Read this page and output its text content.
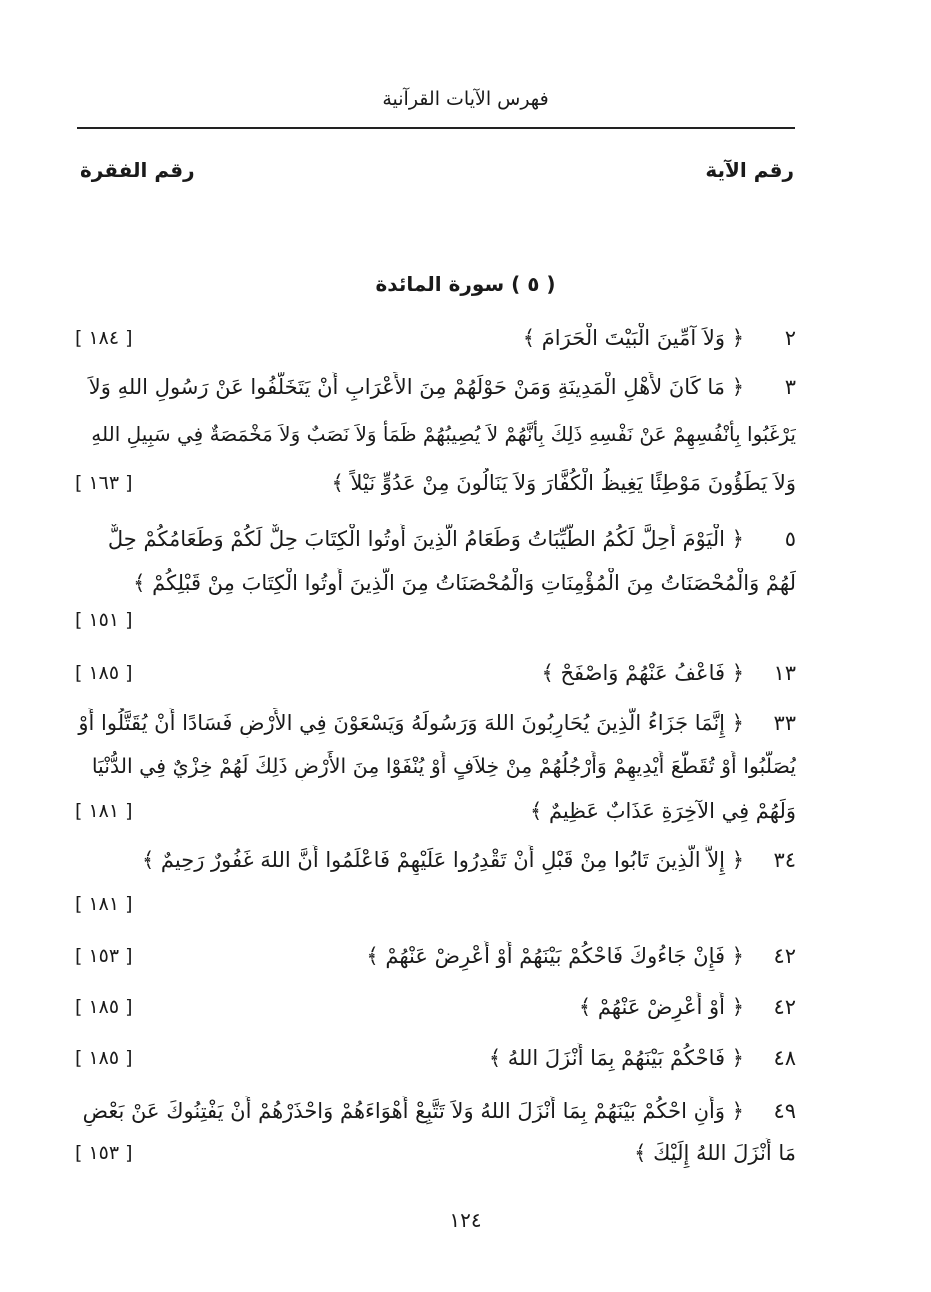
فهرس الآيات القرآنية
رقم الآية
رقم الفقرة
( ٥ ) سورة المائدة
٢﴿ وَلاَ آمِّينَ الْبَيْتَ الْحَرَامَ ﴾
[ ١٨٤ ]
٣﴿ مَا كَانَ لأَهْلِ الْمَدِينَةِ وَمَنْ حَوْلَهُمْ مِنَ الأَعْرَابِ أَنْ يَتَخَلَّفُوا عَنْ رَسُولِ اللهِ وَلاَ
يَرْغَبُوا بِأَنْفُسِهِمْ عَنْ نَفْسِهِ ذَلِكَ بِأَنَّهُمْ لاَ يُصِيبُهُمْ ظَمَأٌ وَلاَ نَصَبٌ وَلاَ مَخْمَصَةٌ فِي سَبِيلِ اللهِ
وَلاَ يَطَؤُونَ مَوْطِئًا يَغِيظُ الْكُفَّارَ وَلاَ يَنَالُونَ مِنْ عَدُوٍّ نَيْلاً ﴾
[ ١٦٣ ]
٥﴿ الْيَوْمَ أُحِلَّ لَكُمُ الطَّيِّبَاتُ وَطَعَامُ الَّذِينَ أُوتُوا الْكِتَابَ حِلٌّ لَكُمْ وَطَعَامُكُمْ حِلٌّ
لَهُمْ وَالْمُحْصَنَاتُ مِنَ الْمُؤْمِنَاتِ وَالْمُحْصَنَاتُ مِنَ الَّذِينَ أُوتُوا الْكِتَابَ مِنْ قَبْلِكُمْ ﴾
[ ١٥١ ]
١٣﴿ فَاعْفُ عَنْهُمْ وَاصْفَحْ ﴾
[ ١٨٥ ]
٣٣﴿ إِنَّمَا جَزَاءُ الَّذِينَ يُحَارِبُونَ اللهَ وَرَسُولَهُ وَيَسْعَوْنَ فِي الأَرْضِ فَسَادًا أَنْ يُقَتَّلُوا أَوْ
يُصَلَّبُوا أَوْ تُقَطَّعَ أَيْدِيهِمْ وَأَرْجُلُهُمْ مِنْ خِلاَفٍ أَوْ يُنْفَوْا مِنَ الأَرْضِ ذَلِكَ لَهُمْ خِزْيٌ فِي الدُّنْيَا
وَلَهُمْ فِي الآخِرَةِ عَذَابٌ عَظِيمٌ ﴾
[ ١٨١ ]
٣٤﴿ إِلاَّ الَّذِينَ تَابُوا مِنْ قَبْلِ أَنْ تَقْدِرُوا عَلَيْهِمْ فَاعْلَمُوا أَنَّ اللهَ غَفُورٌ رَحِيمٌ ﴾
[ ١٨١ ]
٤٢﴿ فَإِنْ جَاءُوكَ فَاحْكُمْ بَيْنَهُمْ أَوْ أَعْرِضْ عَنْهُمْ ﴾
[ ١٥٣ ]
٤٢﴿ أَوْ أَعْرِضْ عَنْهُمْ ﴾
[ ١٨٥ ]
٤٨﴿ فَاحْكُمْ بَيْنَهُمْ بِمَا أَنْزَلَ اللهُ ﴾
[ ١٨٥ ]
٤٩﴿ وَأَنِ احْكُمْ بَيْنَهُمْ بِمَا أَنْزَلَ اللهُ وَلاَ تَتَّبِعْ أَهْوَاءَهُمْ وَاحْذَرْهُمْ أَنْ يَفْتِنُوكَ عَنْ بَعْضِ
مَا أَنْزَلَ اللهُ إِلَيْكَ ﴾
[ ١٥٣ ]
١٢٤
